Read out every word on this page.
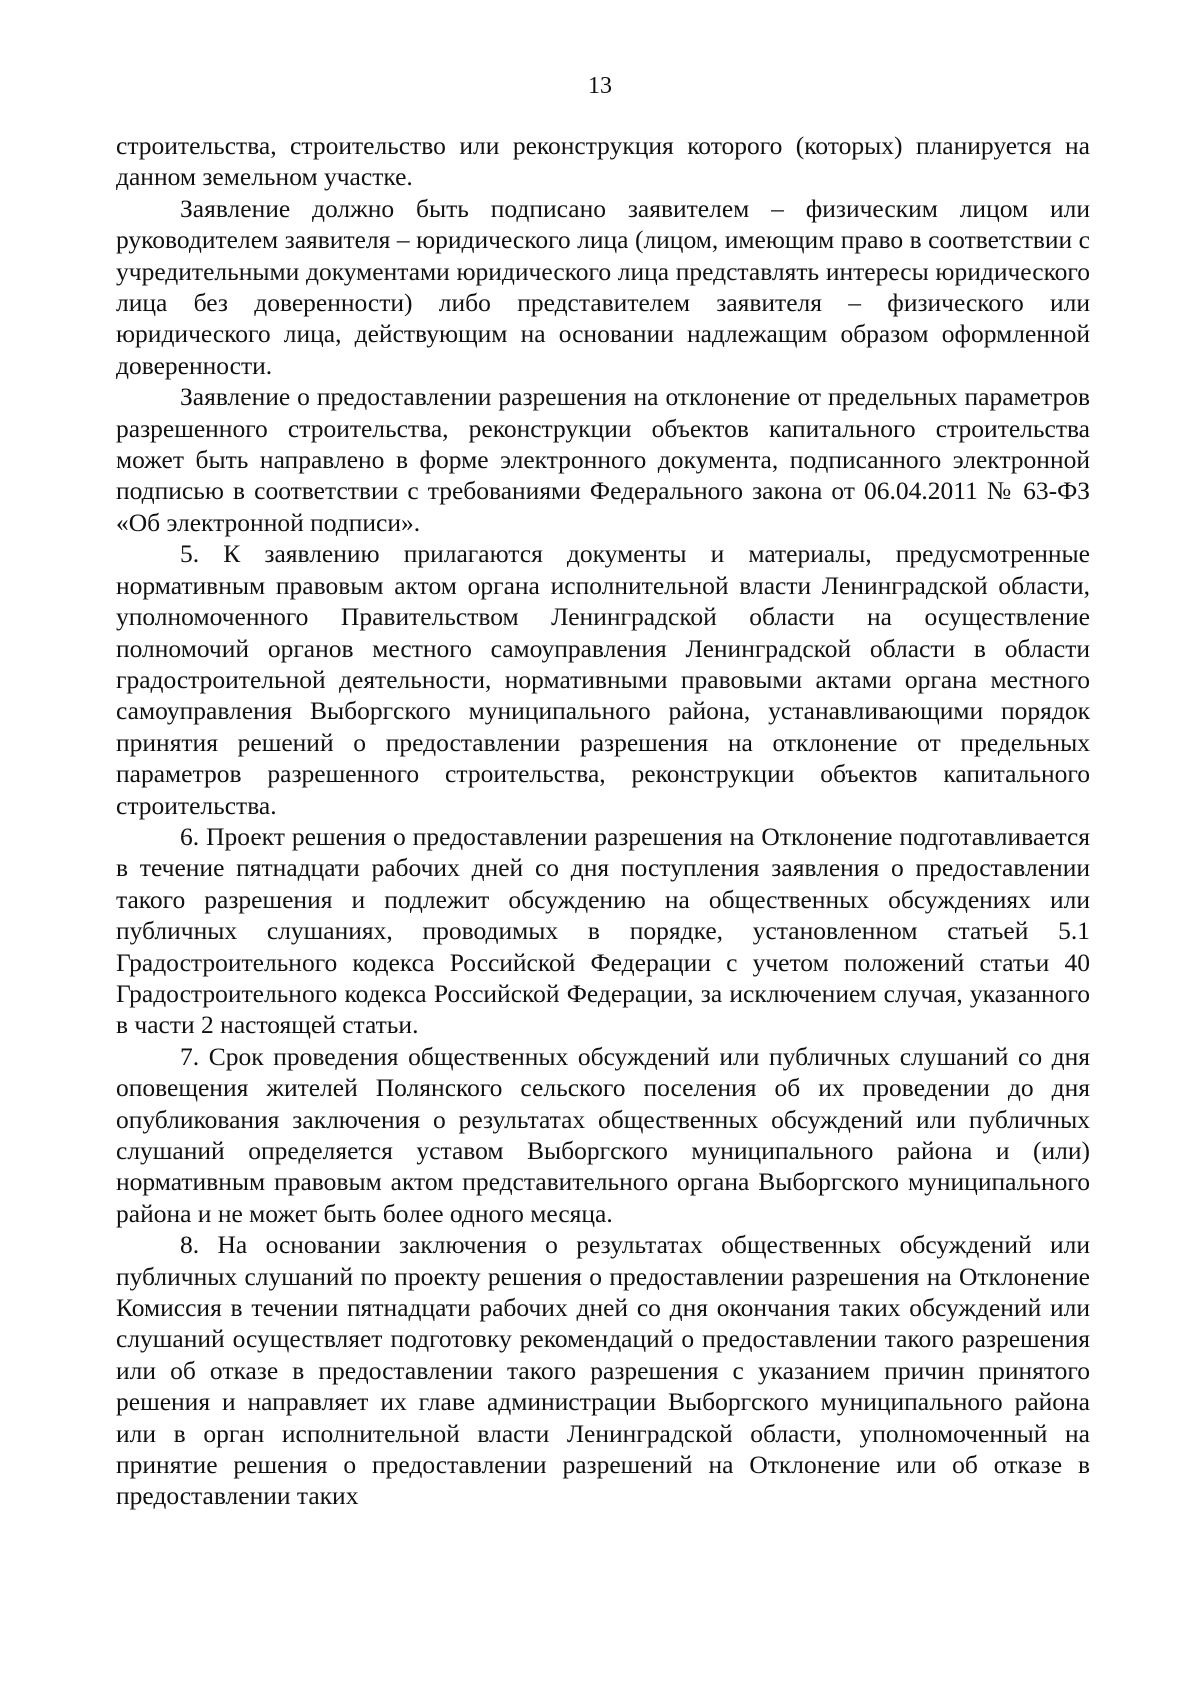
13

строительства, строительство или реконструкция которого (которых) планируется на данном земельном участке.

Заявление должно быть подписано заявителем – физическим лицом или руководителем заявителя – юридического лица (лицом, имеющим право в соответствии с учредительными документами юридического лица представлять интересы юридического лица без доверенности) либо представителем заявителя – физического или юридического лица, действующим на основании надлежащим образом оформленной доверенности.

Заявление о предоставлении разрешения на отклонение от предельных параметров разрешенного строительства, реконструкции объектов капитального строительства может быть направлено в форме электронного документа, подписанного электронной подписью в соответствии с требованиями Федерального закона от 06.04.2011 № 63-ФЗ «Об электронной подписи».

5. К заявлению прилагаются документы и материалы, предусмотренные нормативным правовым актом органа исполнительной власти Ленинградской области, уполномоченного Правительством Ленинградской области на осуществление полномочий органов местного самоуправления Ленинградской области в области градостроительной деятельности, нормативными правовыми актами органа местного самоуправления Выборгского муниципального района, устанавливающими порядок принятия решений о предоставлении разрешения на отклонение от предельных параметров разрешенного строительства, реконструкции объектов капитального строительства.

6. Проект решения о предоставлении разрешения на Отклонение подготавливается в течение пятнадцати рабочих дней со дня поступления заявления о предоставлении такого разрешения и подлежит обсуждению на общественных обсуждениях или публичных слушаниях, проводимых в порядке, установленном статьей 5.1 Градостроительного кодекса Российской Федерации с учетом положений статьи 40 Градостроительного кодекса Российской Федерации, за исключением случая, указанного в части 2 настоящей статьи.

7. Срок проведения общественных обсуждений или публичных слушаний со дня оповещения жителей Полянского сельского поселения об их проведении до дня опубликования заключения о результатах общественных обсуждений или публичных слушаний определяется уставом Выборгского муниципального района и (или) нормативным правовым актом представительного органа Выборгского муниципального района и не может быть более одного месяца.

8. На основании заключения о результатах общественных обсуждений или публичных слушаний по проекту решения о предоставлении разрешения на Отклонение Комиссия в течении пятнадцати рабочих дней со дня окончания таких обсуждений или слушаний осуществляет подготовку рекомендаций о предоставлении такого разрешения или об отказе в предоставлении такого разрешения с указанием причин принятого решения и направляет их главе администрации Выборгского муниципального района или в орган исполнительной власти Ленинградской области, уполномоченный на принятие решения о предоставлении разрешений на Отклонение или об отказе в предоставлении таких
